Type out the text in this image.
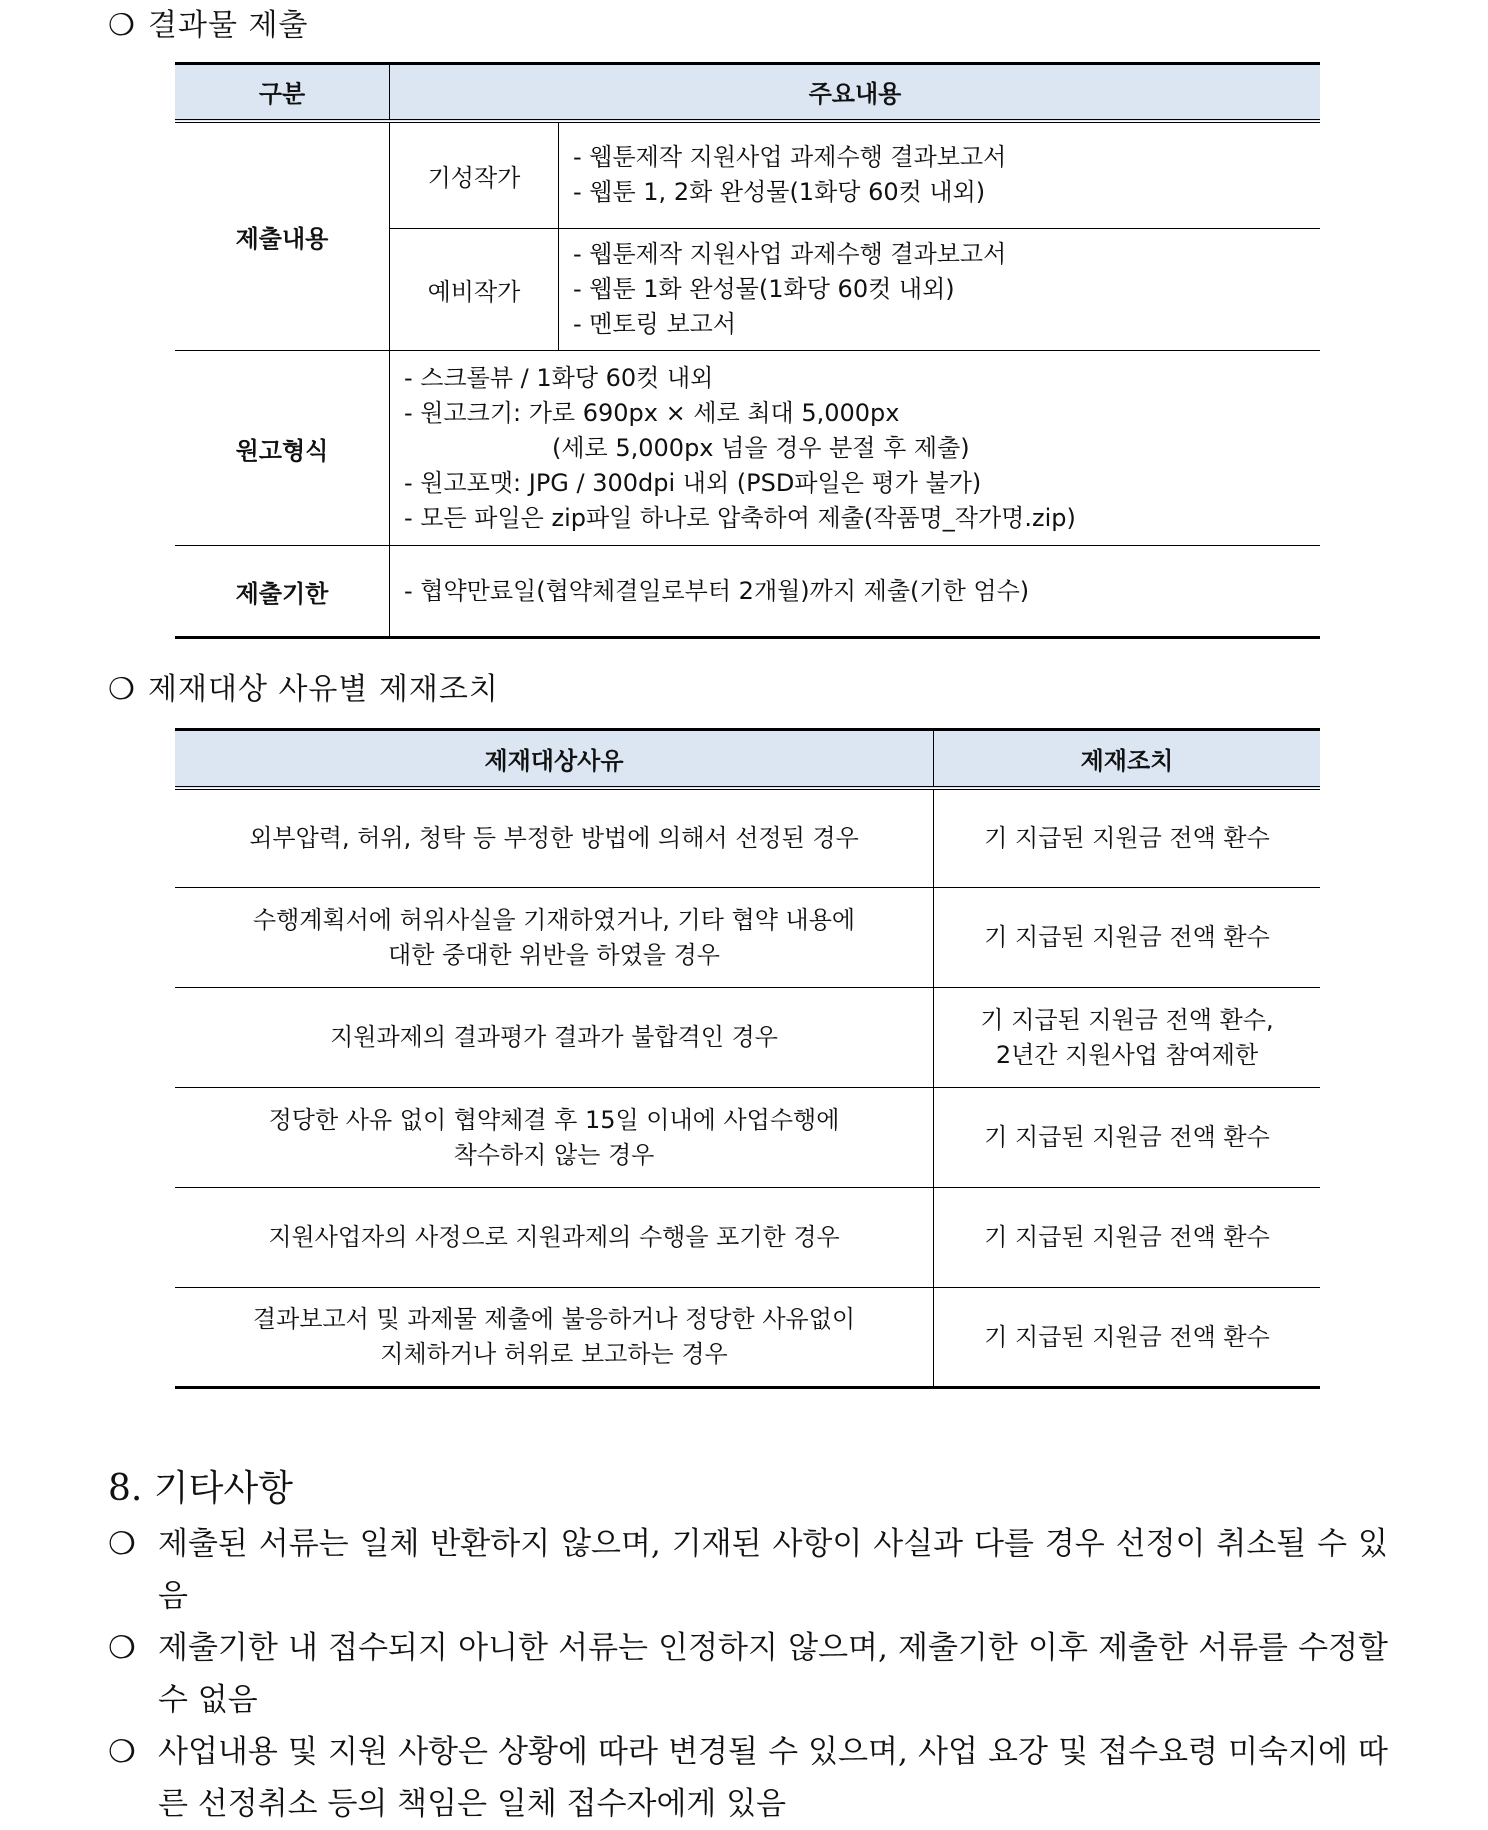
❍ 결과물 제출
구분	주요내용	
제출내용	기성작가	- 웹툰제작 지원사업 과제수행 결과보고서
- 웹툰 1, 2화 완성물(1화당 60컷 내외)

	예비작가	- 웹툰제작 지원사업 과제수행 결과보고서
- 웹툰 1화 완성물(1화당 60컷 내외)
- 멘토링 보고서

원고형식	- 스크롤뷰 / 1화당 60컷 내외
- 원고크기: 가로 690px × 세로 최대 5,000px
(세로 5,000px 넘을 경우 분절 후 제출)
- 원고포맷: JPG / 300dpi 내외 (PSD파일은 평가 불가)
- 모든 파일은 zip파일 하나로 압축하여 제출(작품명_작가명.zip)	

제출기한	- 협약만료일(협약체결일로부터 2개월)까지 제출(기한 엄수)	
❍ 제재대상 사유별 제재조치
제재대상사유	제재조치

외부압력, 허위, 청탁 등 부정한 방법에 의해서 선정된 경우	기 지급된 지원금 전액 환수

수행계획서에 허위사실을 기재하였거나, 기타 협약 내용에
대한 중대한 위반을 하였을 경우	기 지급된 지원금 전액 환수

지원과제의 결과평가 결과가 불합격인 경우	기 지급된 지원금 전액 환수,
2년간 지원사업 참여제한

정당한 사유 없이 협약체결 후 15일 이내에 사업수행에
착수하지 않는 경우	기 지급된 지원금 전액 환수

지원사업자의 사정으로 지원과제의 수행을 포기한 경우	기 지급된 지원금 전액 환수

결과보고서 및 과제물 제출에 불응하거나 정당한 사유없이
지체하거나 허위로 보고하는 경우	기 지급된 지원금 전액 환수
8. 기타사항
❍ 제출된 서류는 일체 반환하지 않으며, 기재된 사항이 사실과 다를 경우 선정이 취소될 수 있음
❍ 제출기한 내 접수되지 아니한 서류는 인정하지 않으며, 제출기한 이후 제출한 서류를 수정할 수 없음
❍ 사업내용 및 지원 사항은 상황에 따라 변경될 수 있으며, 사업 요강 및 접수요령 미숙지에 따른 선정취소 등의 책임은 일체 접수자에게 있음
